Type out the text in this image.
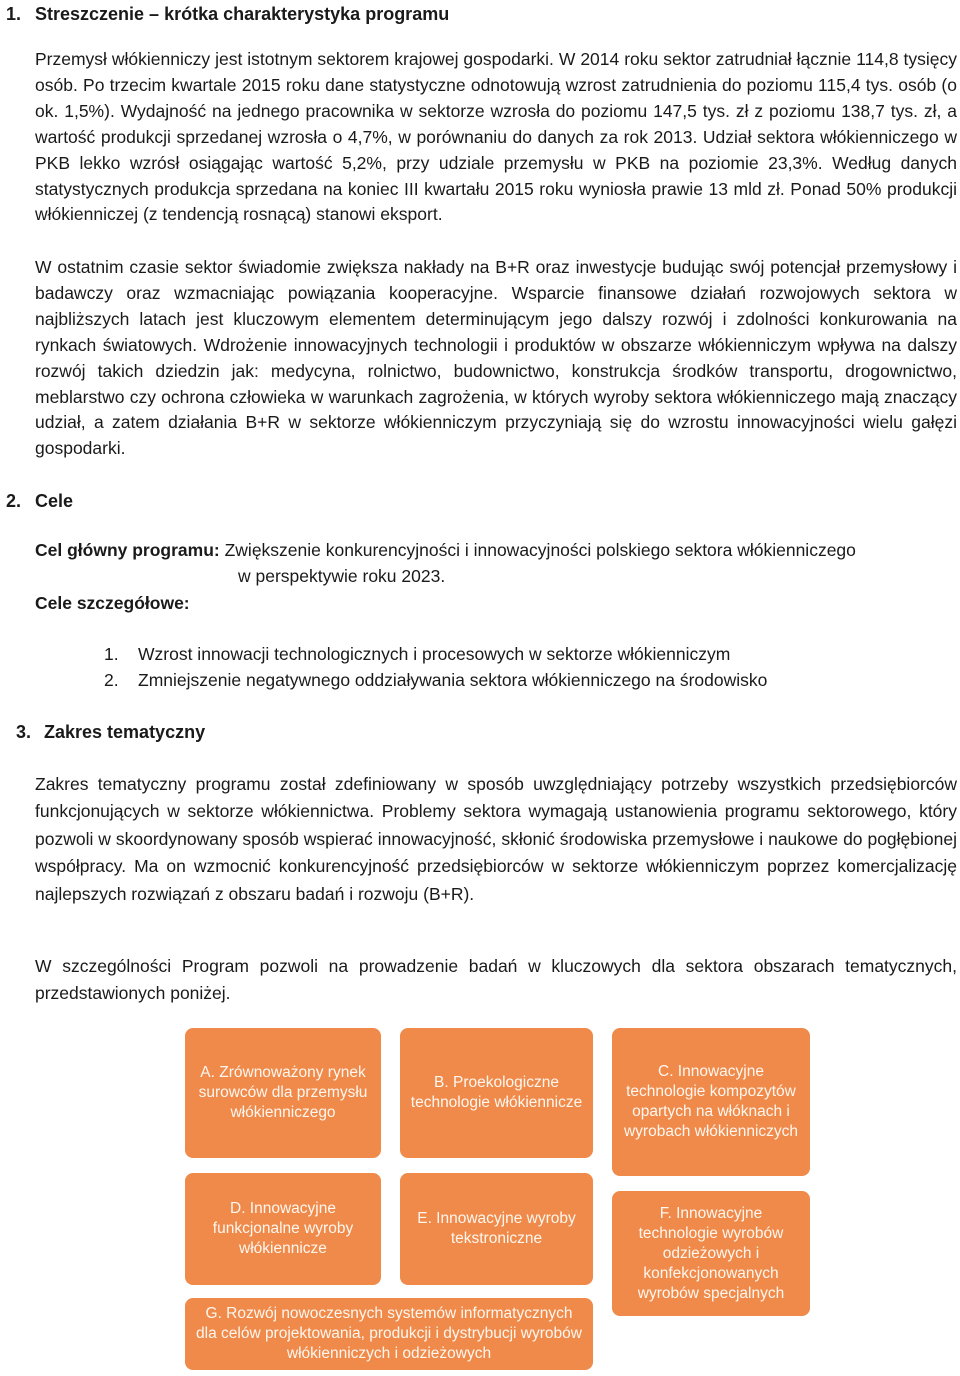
1. Streszczenie – krótka charakterystyka programu

Przemysł włókienniczy jest istotnym sektorem krajowej gospodarki. W 2014 roku sektor zatrudniał łącznie 114,8 tysięcy osób. Po trzecim kwartale 2015 roku dane statystyczne odnotowują wzrost zatrudnienia do poziomu 115,4 tys. osób (o ok. 1,5%). Wydajność na jednego pracownika w sektorze wzrosła do poziomu 147,5 tys. zł z poziomu 138,7 tys. zł, a wartość produkcji sprzedanej wzrosła o 4,7%, w porównaniu do danych za rok 2013. Udział sektora włókienniczego w PKB lekko wzrósł osiągając wartość 5,2%, przy udziale przemysłu w PKB na poziomie 23,3%. Według danych statystycznych produkcja sprzedana na koniec III kwartału 2015 roku wyniosła prawie 13 mld zł. Ponad 50% produkcji włókienniczej (z tendencją rosnącą) stanowi eksport.

W ostatnim czasie sektor świadomie zwiększa nakłady na B+R oraz inwestycje budując swój potencjał przemysłowy i badawczy oraz wzmacniając powiązania kooperacyjne. Wsparcie finansowe działań rozwojowych sektora w najbliższych latach jest kluczowym elementem determinującym jego dalszy rozwój i zdolności konkurowania na rynkach światowych. Wdrożenie innowacyjnych technologii i produktów w obszarze włókienniczym wpływa na dalszy rozwój takich dziedzin jak: medycyna, rolnictwo, budownictwo, konstrukcja środków transportu, drogownictwo, meblarstwo czy ochrona człowieka w warunkach zagrożenia, w których wyroby sektora włókienniczego mają znaczący udział, a zatem działania B+R w sektorze włókienniczym przyczyniają się do wzrostu innowacyjności wielu gałęzi gospodarki.

2. Cele
Cel główny programu: Zwiększenie konkurencyjności i innowacyjności polskiego sektora włókienniczego
w perspektywie roku 2023.
Cele szczegółowe:
1.	Wzrost innowacji technologicznych i procesowych w sektorze włókienniczym
2.	Zmniejszenie negatywnego oddziaływania sektora włókienniczego na środowisko
3. Zakres tematyczny

Zakres tematyczny programu został zdefiniowany w sposób uwzględniający potrzeby wszystkich przedsiębiorców funkcjonujących w sektorze włókiennictwa. Problemy sektora wymagają ustanowienia programu sektorowego, który pozwoli w skoordynowany sposób wspierać innowacyjność, skłonić środowiska przemysłowe i naukowe do pogłębionej współpracy. Ma on wzmocnić konkurencyjność przedsiębiorców w sektorze włókienniczym poprzez komercjalizację najlepszych rozwiązań z obszaru badań i rozwoju (B+R).

W szczególności Program pozwoli na prowadzenie badań w kluczowych dla sektora obszarach tematycznych, przedstawionych poniżej.

A. Zrównoważony rynek surowców dla przemysłu włókienniczego
B. Proekologiczne technologie włókiennicze
C. Innowacyjne technologie kompozytów opartych na włóknach i wyrobach włókienniczych
D. Innowacyjne funkcjonalne wyroby włókiennicze
E. Innowacyjne wyroby tekstroniczne
F. Innowacyjne technologie wyrobów odzieżowych i konfekcjonowanych wyrobów specjalnych
G. Rozwój nowoczesnych systemów informatycznych dla celów projektowania, produkcji i dystrybucji wyrobów włókienniczych i odzieżowych
